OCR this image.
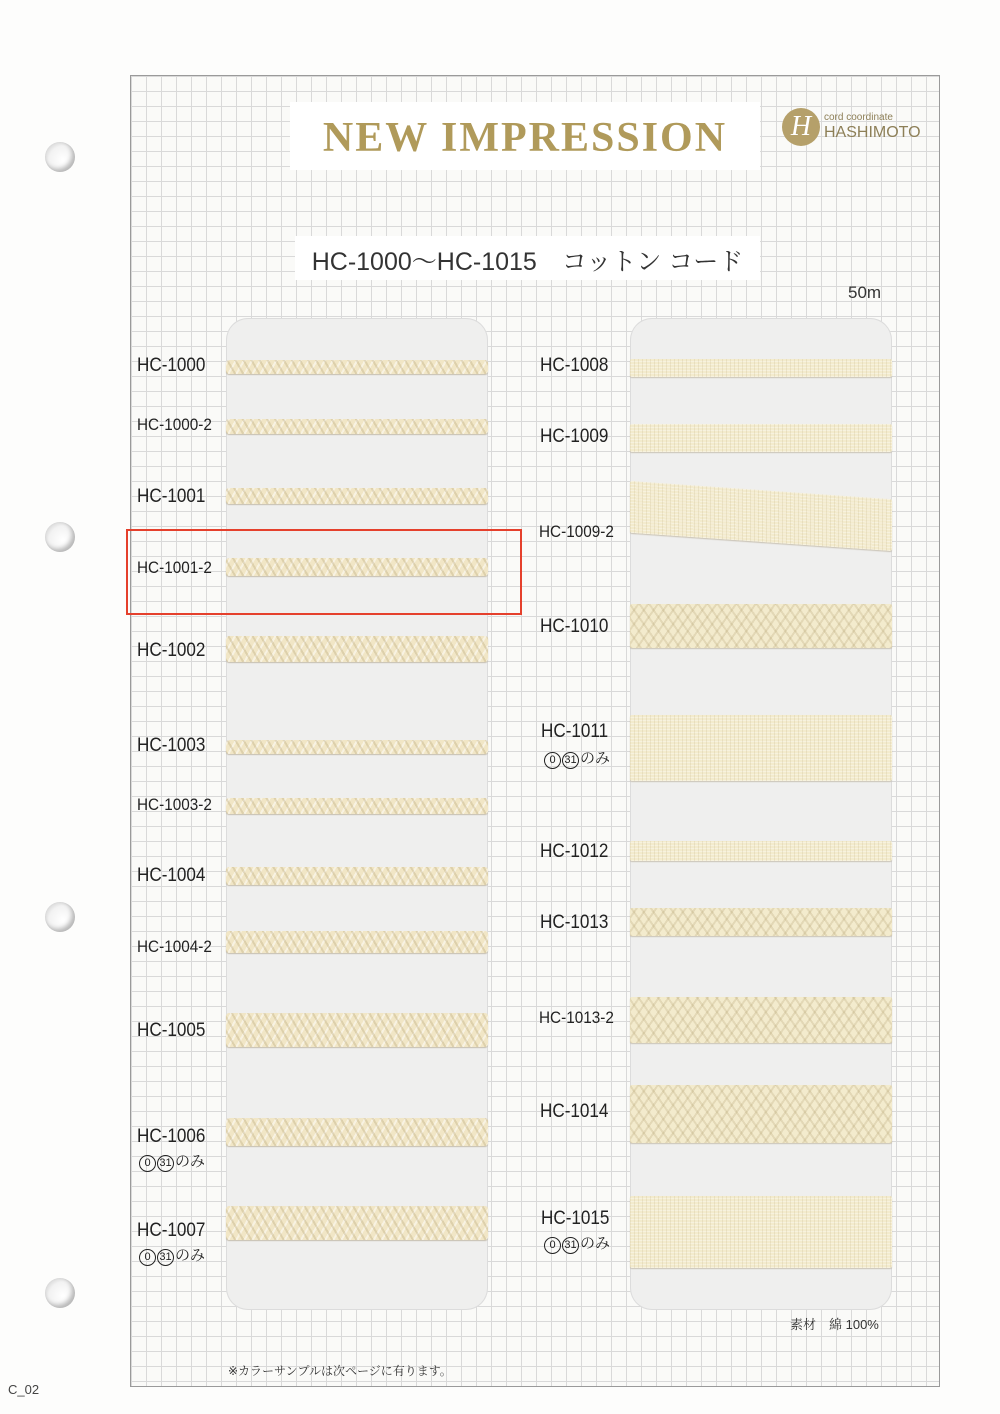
C_02
NEW IMPRESSION	H	cord coordinate
HASHIMOTO
HC-1000～HC-1015　コットン コード
50m
HC-1000
HC-1000-2
HC-1001
HC-1001-2
HC-1002
HC-1003
HC-1003-2
HC-1004
HC-1004-2
HC-1005
HC-1006
0 31 のみ
HC-1007
0 31 のみ
HC-1008
HC-1009
HC-1009-2
HC-1010
HC-1011
0 31 のみ
HC-1012
HC-1013
HC-1013-2
HC-1014
HC-1015
0 31 のみ
素材　綿 100%
※カラーサンプルは次ページに有ります。
